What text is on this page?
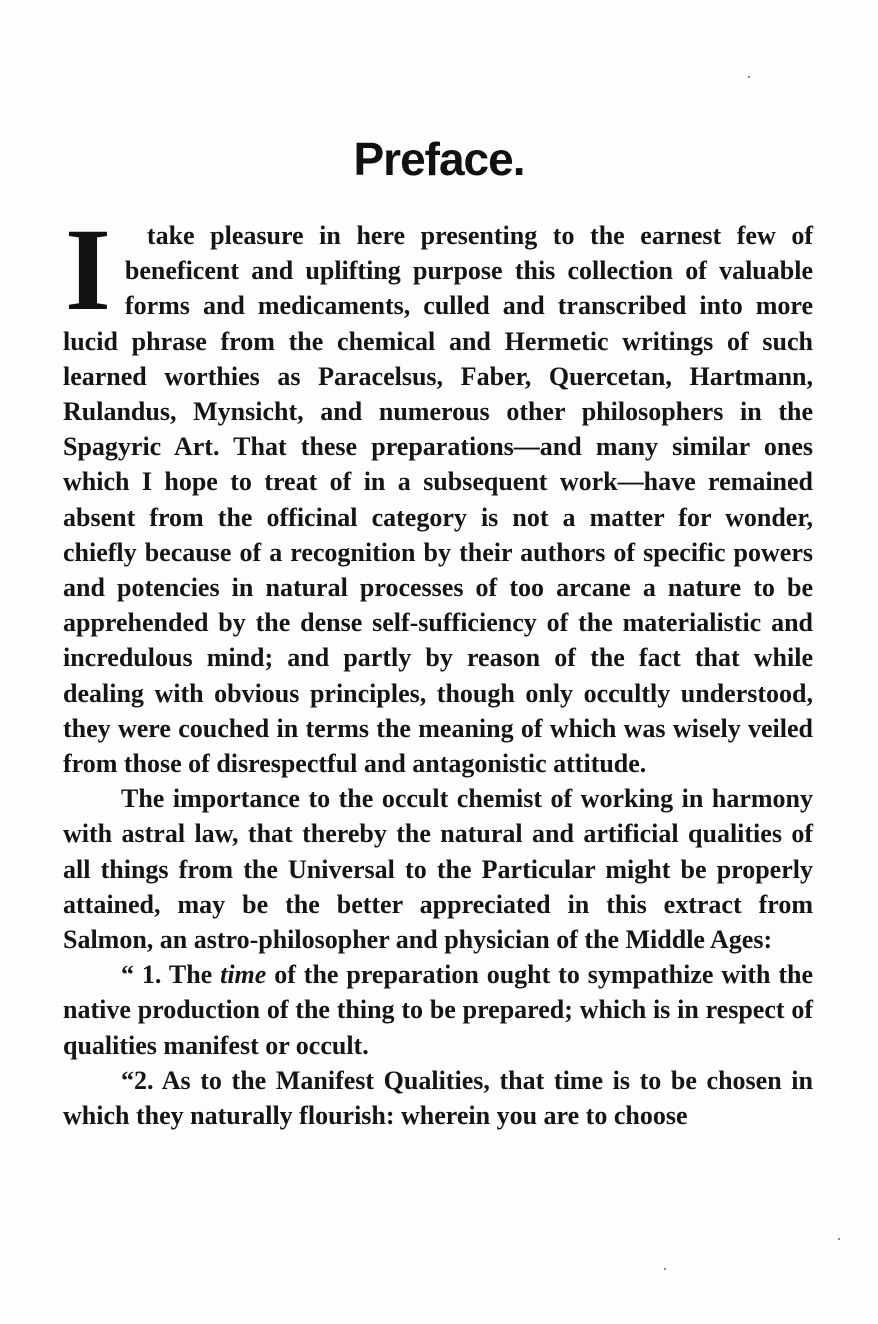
Preface.

I take pleasure in here presenting to the earnest few of beneficent and uplifting purpose this collection of valuable forms and medicaments, culled and transcribed into more lucid phrase from the chemical and Hermetic writings of such learned worthies as Paracelsus, Faber, Quercetan, Hartmann, Rulandus, Mynsicht, and numerous other philosophers in the Spagyric Art. That these preparations—and many similar ones which I hope to treat of in a subsequent work—have remained absent from the officinal category is not a matter for wonder, chiefly because of a recognition by their authors of specific powers and potencies in natural processes of too arcane a nature to be apprehended by the dense self-sufficiency of the materialistic and incredulous mind; and partly by reason of the fact that while dealing with obvious principles, though only occultly understood, they were couched in terms the meaning of which was wisely veiled from those of disrespectful and antagonistic attitude.

The importance to the occult chemist of working in harmony with astral law, that thereby the natural and artificial qualities of all things from the Universal to the Particular might be properly attained, may be the better appreciated in this extract from Salmon, an astro-philosopher and physician of the Middle Ages:

“ 1. The time of the preparation ought to sympathize with the native production of the thing to be prepared; which is in respect of qualities manifest or occult.

“2. As to the Manifest Qualities, that time is to be chosen in which they naturally flourish: wherein you are to choose
